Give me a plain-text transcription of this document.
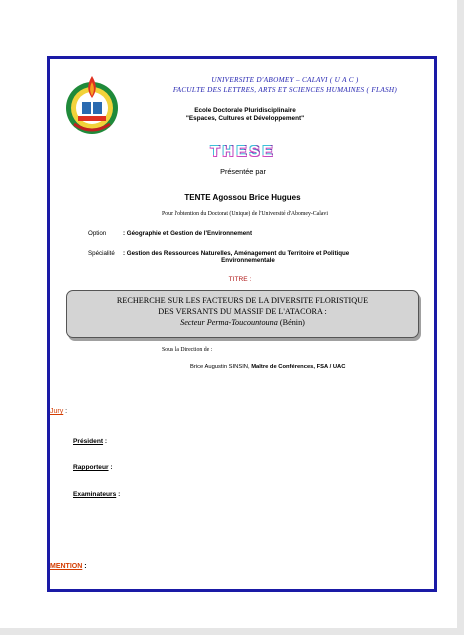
UNIVERSITE D'ABOMEY – CALAVI ( U A C )
FACULTE DES LETTRES, ARTS ET SCIENCES HUMAINES ( FLASH)
Ecole Doctorale Pluridisciplinaire
"Espaces, Cultures et Développement"
THESE
Présentée par
TENTE Agossou Brice Hugues
Pour l'obtention du Doctorat (Unique) de l'Université d'Abomey-Calavi
Option	: Géographie et Gestion de l'Environnement
Spécialité : Gestion des Ressources Naturelles, Aménagement du Territoire et Politique
Environnementale
TITRE :
RECHERCHE SUR LES FACTEURS DE LA DIVERSITE FLORISTIQUE
DES VERSANTS DU MASSIF DE L'ATACORA :
Secteur Perma-Toucountouna (Bénin)
Sous la Direction de :
Brice Augustin SINSIN, Maître de Conférences, FSA / UAC
Jury :
Président :
Rapporteur :
Examinateurs :
MENTION :
